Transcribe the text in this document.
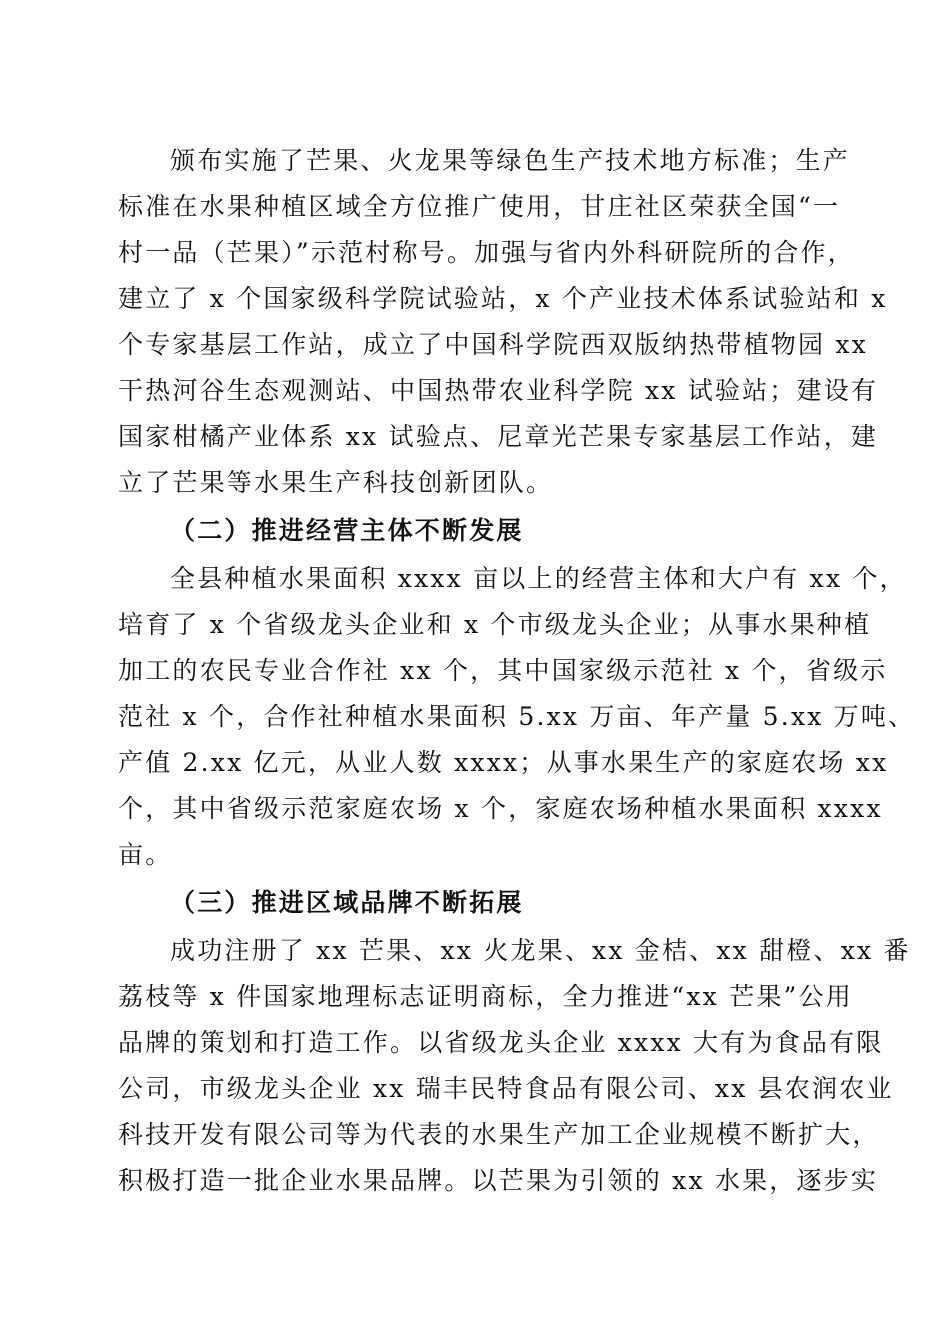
颁布实施了芒果、火龙果等绿色生产技术地方标准；生产
标准在水果种植区域全方位推广使用，甘庄社区荣获全国“一
村一品（芒果）”示范村称号。加强与省内外科研院所的合作，
建立了 x 个国家级科学院试验站，x 个产业技术体系试验站和 x
个专家基层工作站，成立了中国科学院西双版纳热带植物园 xx
干热河谷生态观测站、中国热带农业科学院 xx 试验站；建设有
国家柑橘产业体系 xx 试验点、尼章光芒果专家基层工作站，建
立了芒果等水果生产科技创新团队。
（二）推进经营主体不断发展
全县种植水果面积 xxxx 亩以上的经营主体和大户有 xx 个，
培育了 x 个省级龙头企业和 x 个市级龙头企业；从事水果种植
加工的农民专业合作社 xx 个，其中国家级示范社 x 个，省级示
范社 x 个，合作社种植水果面积 5.xx 万亩、年产量 5.xx 万吨、
产值 2.xx 亿元，从业人数 xxxx；从事水果生产的家庭农场 xx
个，其中省级示范家庭农场 x 个，家庭农场种植水果面积 xxxx
亩。
（三）推进区域品牌不断拓展
成功注册了 xx 芒果、xx 火龙果、xx 金桔、xx 甜橙、xx 番
荔枝等 x 件国家地理标志证明商标，全力推进“xx 芒果”公用
品牌的策划和打造工作。以省级龙头企业 xxxx 大有为食品有限
公司，市级龙头企业 xx 瑞丰民特食品有限公司、xx 县农润农业
科技开发有限公司等为代表的水果生产加工企业规模不断扩大，
积极打造一批企业水果品牌。以芒果为引领的 xx 水果，逐步实
